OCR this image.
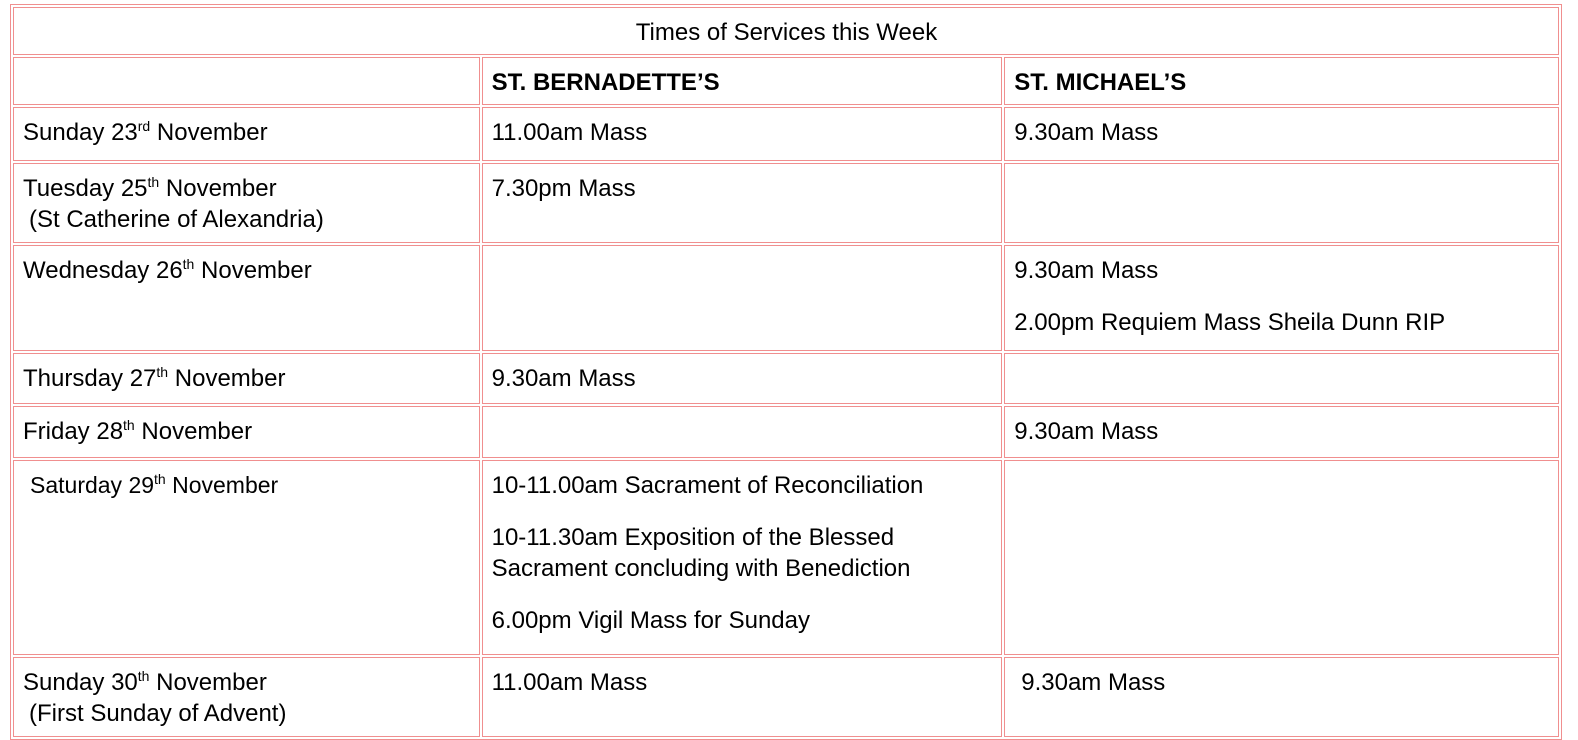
Times of Services this Week		
	ST. BERNADETTE’S	ST. MICHAEL’S

Sunday 23rd November	11.00am Mass	9.30am Mass

Tuesday 25th November
(St Catherine of Alexandria)	7.30pm Mass	

Wednesday 26th November		9.30am Mass
2.00pm Requiem Mass Sheila Dunn RIP

Thursday 27th November	9.30am Mass	

Friday 28th November		9.30am Mass

Saturday 29th November	10-11.00am Sacrament of Reconciliation
10-11.30am Exposition of the Blessed Sacrament concluding with Benediction
6.00pm Vigil Mass for Sunday	

Sunday 30th November
(First Sunday of Advent)	11.00am Mass	9.30am Mass
